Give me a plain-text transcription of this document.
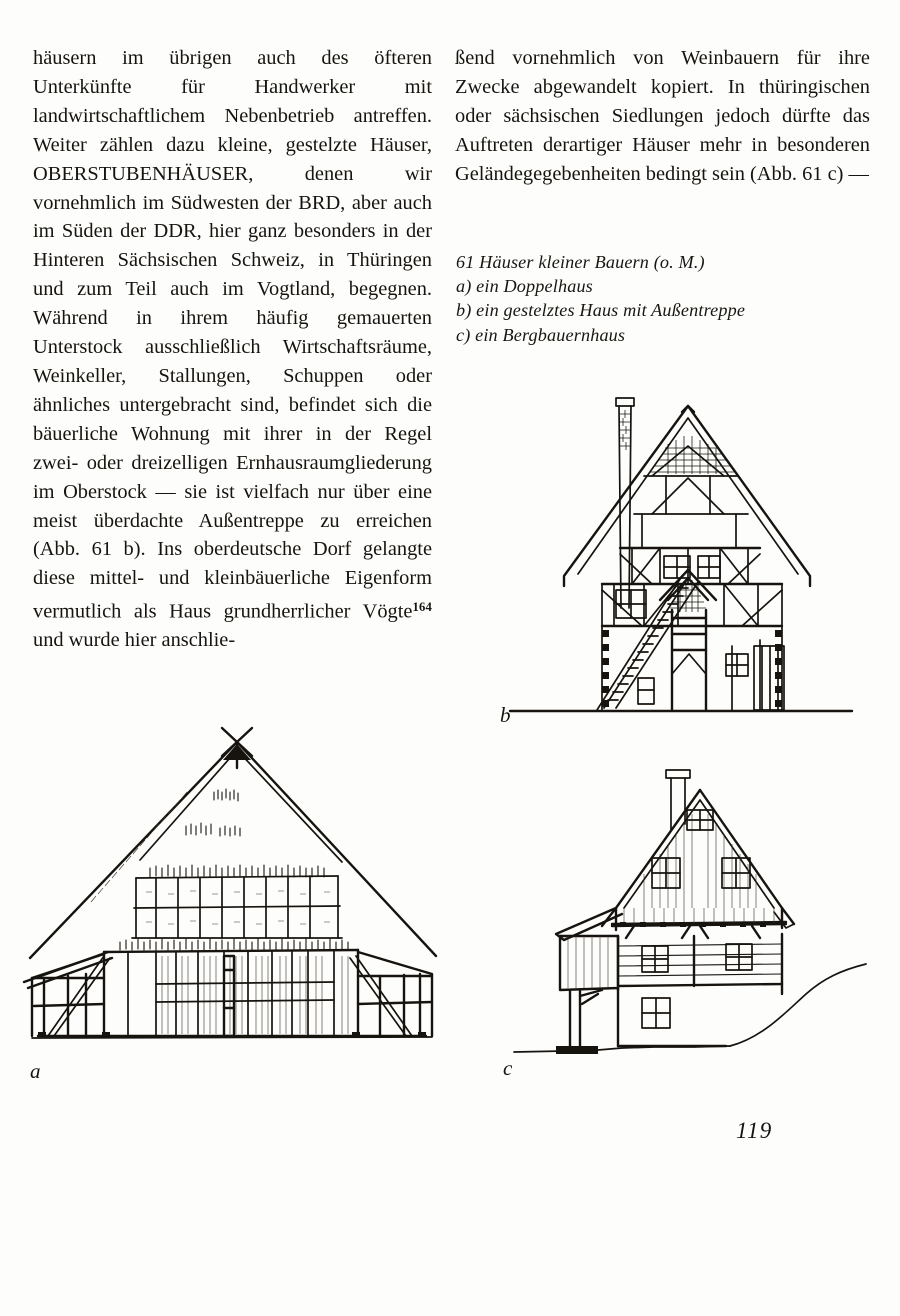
häusern im übrigen auch des öfteren Unterkünfte für Handwerker mit landwirtschaftlichem Nebenbetrieb antreffen. Weiter zählen dazu kleine, gestelzte Häuser, OBERSTUBENHÄUSER, denen wir vornehmlich im Südwesten der BRD, aber auch im Süden der DDR, hier ganz besonders in der Hinteren Sächsischen Schweiz, in Thüringen und zum Teil auch im Vogtland, begegnen. Während in ihrem häufig gemauerten Unterstock ausschließlich Wirtschaftsräume, Weinkeller, Stallungen, Schuppen oder ähnliches untergebracht sind, befindet sich die bäuerliche Wohnung mit ihrer in der Regel zwei- oder dreizelligen Ernhausraumgliederung im Oberstock — sie ist vielfach nur über eine meist überdachte Außentreppe zu erreichen (Abb. 61 b). Ins oberdeutsche Dorf gelangte diese mittel- und kleinbäuerliche Eigenform vermutlich als Haus grundherrlicher Vögte$^{164}$ und wurde hier anschlie-

ßend vornehmlich von Weinbauern für ihre Zwecke abgewandelt kopiert. In thüringischen oder sächsischen Siedlungen jedoch dürfte das Auftreten derartiger Häuser mehr in besonderen Geländegegebenheiten bedingt sein (Abb. 61 c) —

61 Häuser kleiner Bauern (o. M.)
a) ein Doppelhaus
b) ein gestelztes Haus mit Außentreppe
c) ein Bergbauernhaus
a
b
c
119
